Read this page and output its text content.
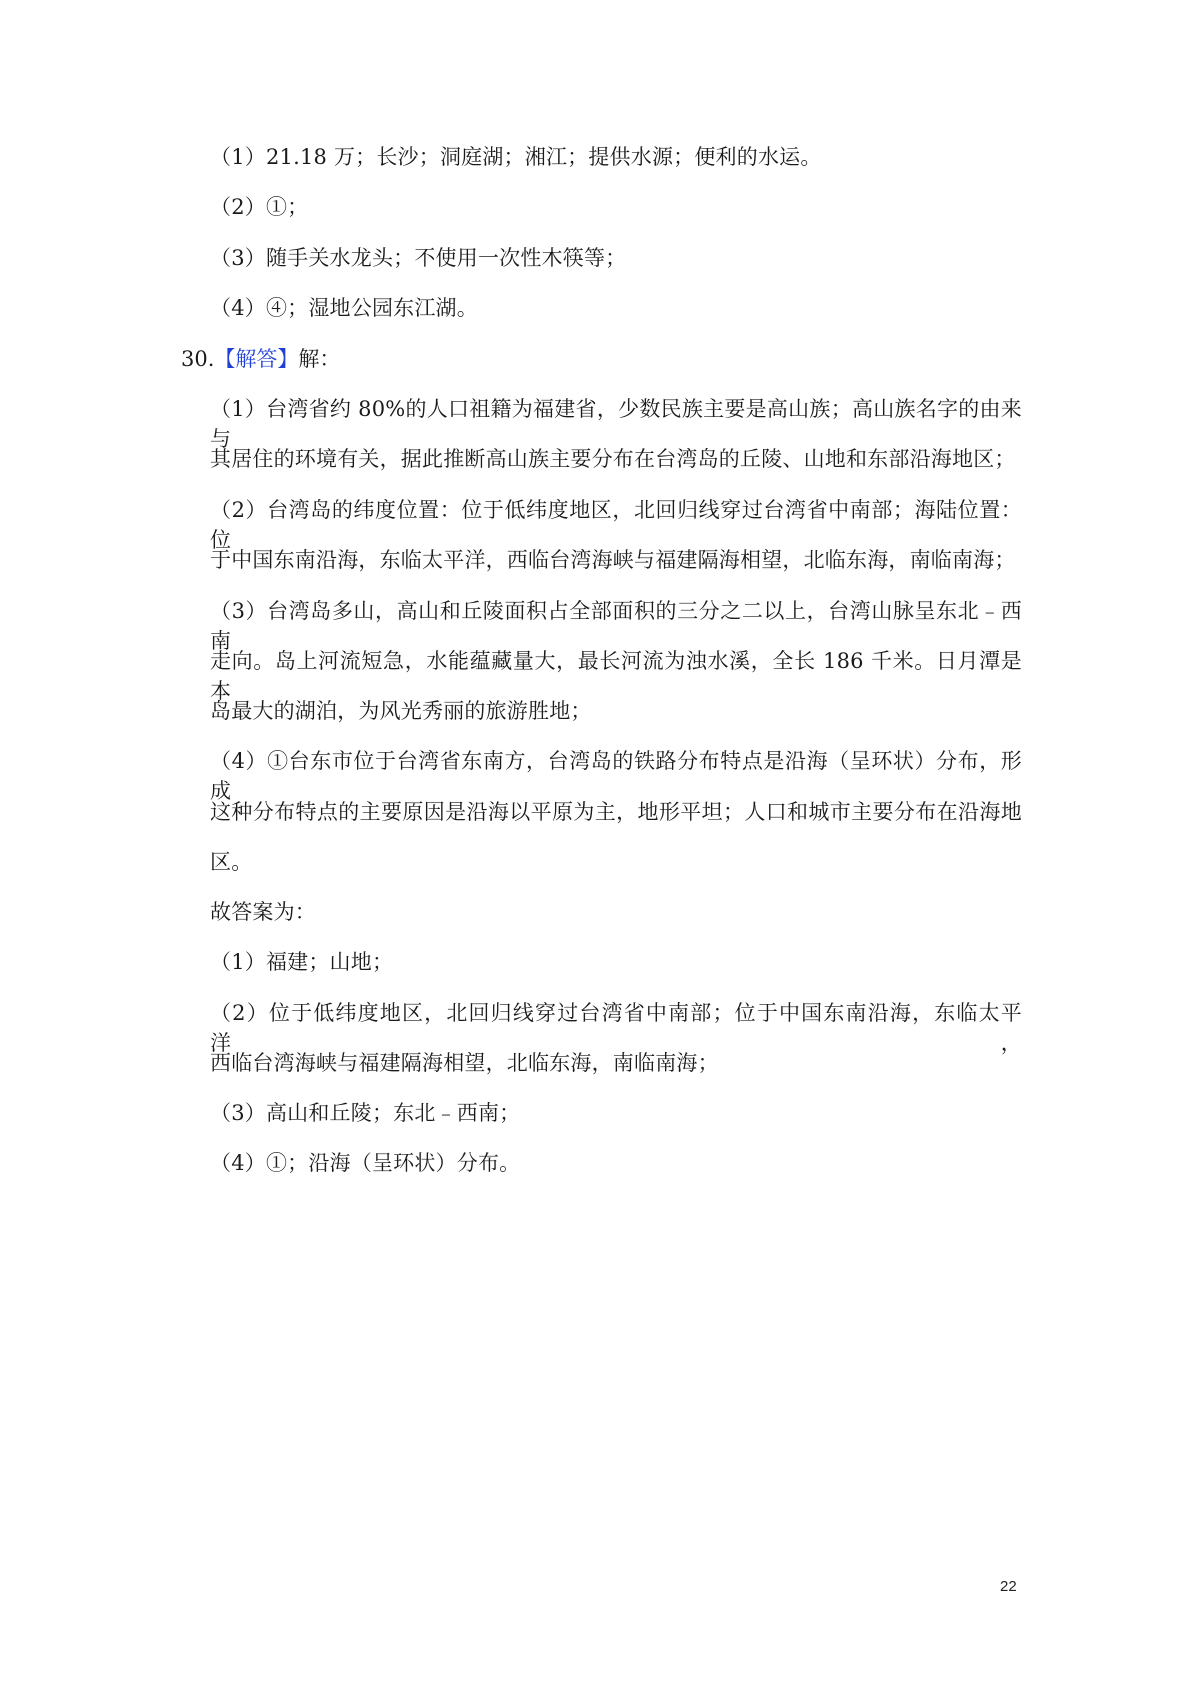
（1）21.18 万；长沙；洞庭湖；湘江；提供水源；便利的水运。
（2）①；
（3）随手关水龙头；不使用一次性木筷等；
（4）④；湿地公园东江湖。
30.【解答】解：
（1）台湾省约 80%的人口祖籍为福建省，少数民族主要是高山族；高山族名字的由来与
其居住的环境有关，据此推断高山族主要分布在台湾岛的丘陵、山地和东部沿海地区；
（2）台湾岛的纬度位置：位于低纬度地区，北回归线穿过台湾省中南部；海陆位置：位
于中国东南沿海，东临太平洋，西临台湾海峡与福建隔海相望，北临东海，南临南海；
（3）台湾岛多山，高山和丘陵面积占全部面积的三分之二以上，台湾山脉呈东北﹣西南
走向。岛上河流短急，水能蕴藏量大，最长河流为浊水溪，全长 186 千米。日月潭是本
岛最大的湖泊，为风光秀丽的旅游胜地；
（4）①台东市位于台湾省东南方，台湾岛的铁路分布特点是沿海（呈环状）分布，形成
这种分布特点的主要原因是沿海以平原为主，地形平坦；人口和城市主要分布在沿海地
区。
故答案为：
（1）福建；山地；
（2）位于低纬度地区，北回归线穿过台湾省中南部；位于中国东南沿海，东临太平洋，
西临台湾海峡与福建隔海相望，北临东海，南临南海；
（3）高山和丘陵；东北﹣西南；
（4）①；沿海（呈环状）分布。
22
